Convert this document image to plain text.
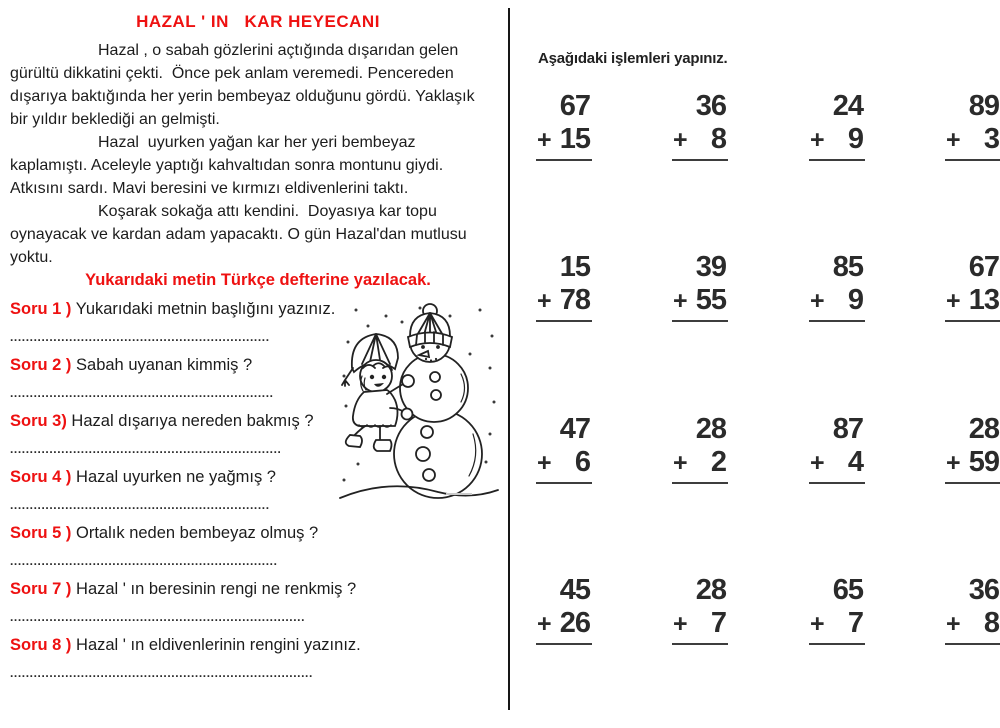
HAZAL ' IN   KAR HEYECANI
Hazal , o sabah gözlerini açtığında dışarıdan gelen
gürültü dikkatini çekti.  Önce pek anlam veremedi. Pencereden
dışarıya baktığında her yerin bembeyaz olduğunu gördü. Yaklaşık
bir yıldır beklediği an gelmişti.
Hazal  uyurken yağan kar her yeri bembeyaz
kaplamıştı. Aceleyle yaptığı kahvaltıdan sonra montunu giydi.
Atkısını sardı. Mavi beresini ve kırmızı eldivenlerini taktı.
Koşarak sokağa attı kendini.  Doyasıya kar topu
oynayacak ve kardan adam yapacaktı. O gün Hazal'dan mutlusu
yoktu.
Yukarıdaki metin Türkçe defterine yazılacak.
Soru 1 ) Yukarıdaki metnin başlığını yazınız.
..................................................................
Soru 2 ) Sabah uyanan kimmiş ?
...................................................................
Soru 3) Hazal dışarıya nereden bakmış ?
.....................................................................
Soru 4 ) Hazal uyurken ne yağmış ?
..................................................................
Soru 5 ) Ortalık neden bembeyaz olmuş ?
....................................................................
Soru 7 ) Hazal ' ın beresinin rengi ne renkmiş ?
...........................................................................
Soru 8 ) Hazal ' ın eldivenlerinin rengini yazınız.
.............................................................................
Aşağıdaki işlemleri yapınız.
67
+ 15
36
+ 8
24
+ 9
89
+ 3
15
+ 78
39
+ 55
85
+ 9
67
+ 13
47
+ 6
28
+ 2
87
+ 4
28
+ 59
45
+ 26
28
+ 7
65
+ 7
36
+ 8
